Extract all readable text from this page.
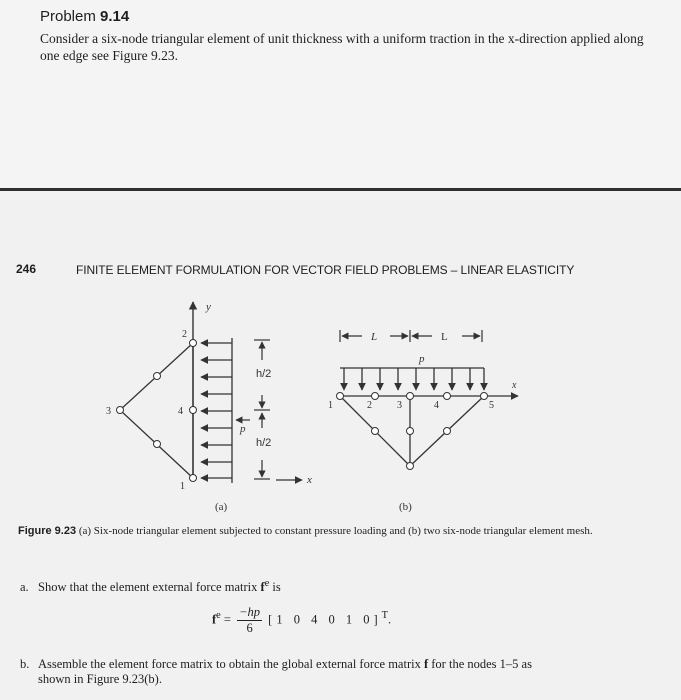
Problem 9.14
Consider a six-node triangular element of unit thickness with a uniform traction in the x-direction applied along one edge see Figure 9.23.
246	FINITE ELEMENT FORMULATION FOR VECTOR FIELD PROBLEMS – LINEAR ELASTICITY
y
1
2
3	4
h/2
h/2
p
x
(a)
L	L
p
x
1	2	3	4	5
(b)
Figure 9.23 (a) Six-node triangular element subjected to constant pressure loading and (b) two six-node triangular element mesh.
a. Show that the element external force matrix $f^e$ is
$f^e = \frac{-hp}{6} [1$ 0 4 0 1 0]$^T$.
b. Assemble the element force matrix to obtain the global external force matrix f for the nodes 1–5 as
shown in Figure 9.23(b).
